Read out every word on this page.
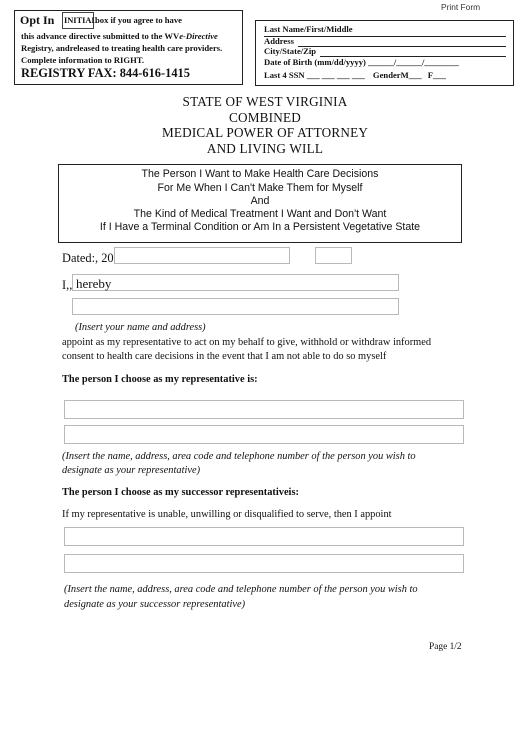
Print Form
Opt In INITIAL
box if you agree to have
this advance directive submitted to the WVe-Directive
Registry, andreleased to treating health care providers.
Complete information to RIGHT.
REGISTRY FAX: 844-616-1415
Last Name/First/Middle
Address
City/State/Zip
Date of Birth (mm/dd/yyyy) ______/______/________
Last 4 SSN ___ ___ ___ ___ GenderM___ F___
STATE OF WEST VIRGINIA
COMBINED
MEDICAL POWER OF ATTORNEY
AND LIVING WILL
The Person I Want to Make Health Care Decisions
For Me When I Can't Make Them for Myself
And
The Kind of Medical Treatment I Want and Don't Want
If I Have a Terminal Condition or Am In a Persistent Vegetative State
Dated:, 20
I,, hereby
(Insert your name and address)
appoint as my representative to act on my behalf to give, withhold or withdraw informed
consent to health care decisions in the event that I am not able to do so myself
The person I choose as my representative is:
(Insert the name, address, area code and telephone number of the person you wish to
designate as your representative)
The person I choose as my successor representativeis:
If my representative is unable, unwilling or disqualified to serve, then I appoint
(Insert the name, address, area code and telephone number of the person you wish to
designate as your successor representative)
Page 1/2
